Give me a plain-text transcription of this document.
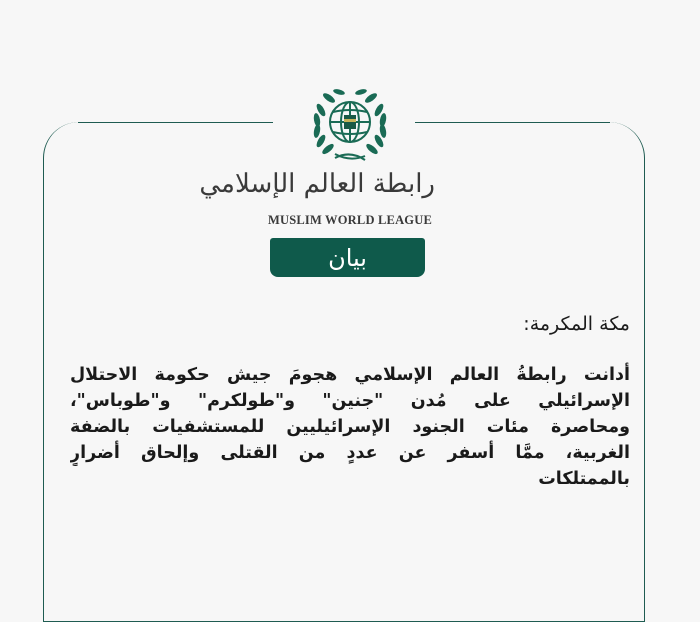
رابطة العالم الإسلامي
MUSLIM WORLD LEAGUE
بيان
مكة المكرمة:
أدانت رابطةُ العالم الإسلامي هجومَ جيش حكومة الاحتلال
الإسرائيلي على مُدن "جنين" و"طولكرم" و"طوباس"،
ومحاصرة مئات الجنود الإسرائيليين للمستشفيات بالضفة
الغربية، ممَّا أسفر عن عددٍ من القتلى وإلحاق أضرارٍ
بالممتلكات
